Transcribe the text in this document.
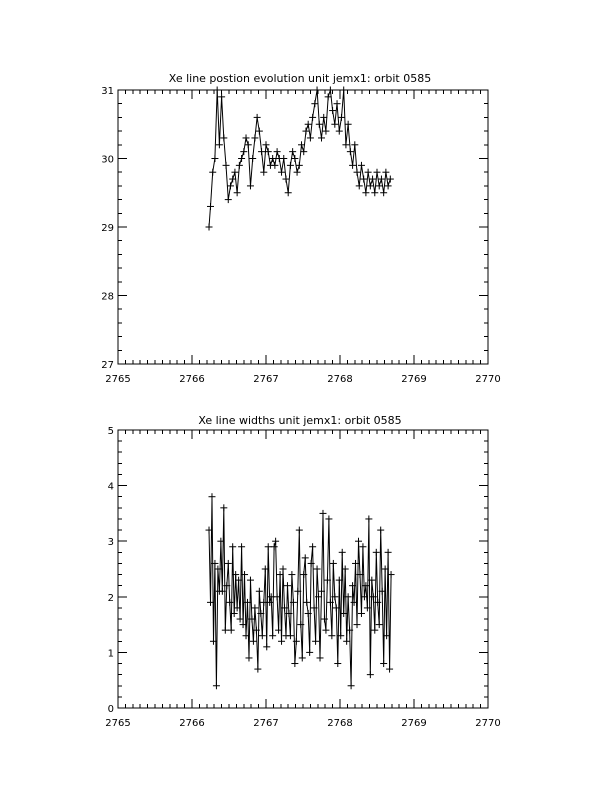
Xe line postion evolution unit jemx1: orbit 0585
2765	2766	2767	2768	2769	2770
27
28
29
30
31
Xe line widths unit jemx1: orbit 0585
2765	2766	2767	2768	2769	2770
0
1
2
3
4
5
